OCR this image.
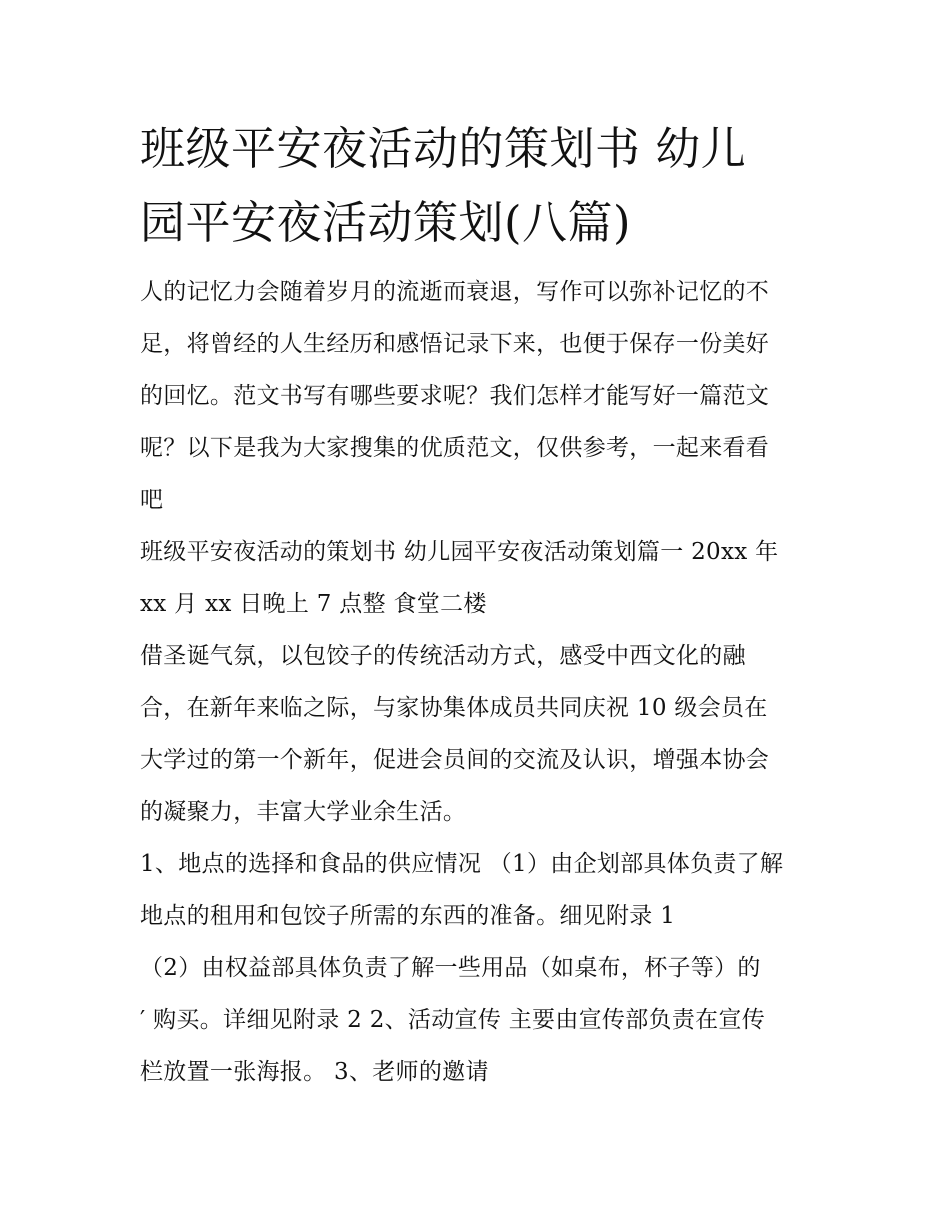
班级平安夜活动的策划书 幼儿
园平安夜活动策划(八篇)
人的记忆力会随着岁月的流逝而衰退，写作可以弥补记忆的不
足，将曾经的人生经历和感悟记录下来，也便于保存一份美好
的回忆。范文书写有哪些要求呢？我们怎样才能写好一篇范文
呢？以下是我为大家搜集的优质范文，仅供参考，一起来看看
吧
班级平安夜活动的策划书 幼儿园平安夜活动策划篇一 20xx 年
xx 月 xx 日晚上 7 点整 食堂二楼
借圣诞气氛，以包饺子的传统活动方式，感受中西文化的融
合，在新年来临之际，与家协集体成员共同庆祝 10 级会员在
大学过的第一个新年，促进会员间的交流及认识，增强本协会
的凝聚力，丰富大学业余生活。
1、地点的选择和食品的供应情况 （1）由企划部具体负责了解
地点的租用和包饺子所需的东西的准备。细见附录 1
（2）由权益部具体负责了解一些用品（如桌布，杯子等）的
′ 购买。详细见附录 2 2、活动宣传 主要由宣传部负责在宣传
栏放置一张海报。 3、老师的邀请
